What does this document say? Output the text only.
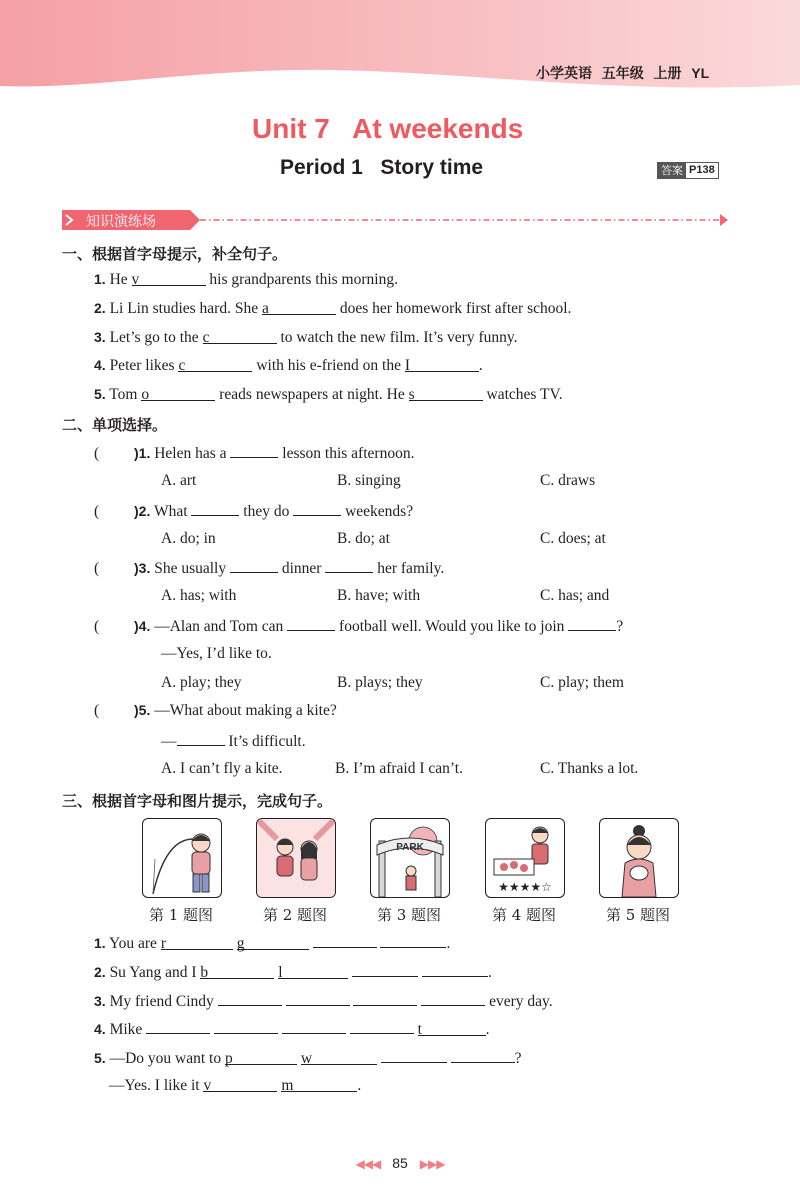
小学英语 五年级 上册 YL
Unit 7 At weekends
Period 1 Story time	答案 P138
知识演练场
一、根据首字母提示，补全句子。
1. He v	his grandparents this morning.
2. Li Lin studies hard. She a	does her homework first after school.
3. Let’s go to the c	to watch the new film. It’s very funny.
4. Peter likes c	with his e-friend on the I	.
5. Tom o	reads newspapers at night. He s	watches TV.
二、单项选择。
( )1. Helen has a	lesson this afternoon.
A. art	B. singing	C. draws
( )2. What	they do	weekends?
A. do; in	B. do; at	C. does; at
( )3. She usually	dinner	her family.
A. has; with	B. have; with	C. has; and
( )4. —Alan and Tom can	football well. Would you like to join	?
—Yes, I’d like to.
A. play; they	B. plays; they	C. play; them
( )5. —What about making a kite?
—	It’s difficult.
A. I can’t fly a kite.	B. I’m afraid I can’t.	C. Thanks a lot.
三、根据首字母和图片提示，完成句子。
PARK
★★★★☆
第 1 题图	第 2 题图	第 3 题图	第 4 题图	第 5 题图
1. You are r	g	.
2. Su Yang and I b	l	.
3. My friend Cindy	every day.
4. Mike	t	.
5. —Do you want to p	w	?
—Yes. I like it v	m	.
◀◀◀ 85 ▶▶▶
